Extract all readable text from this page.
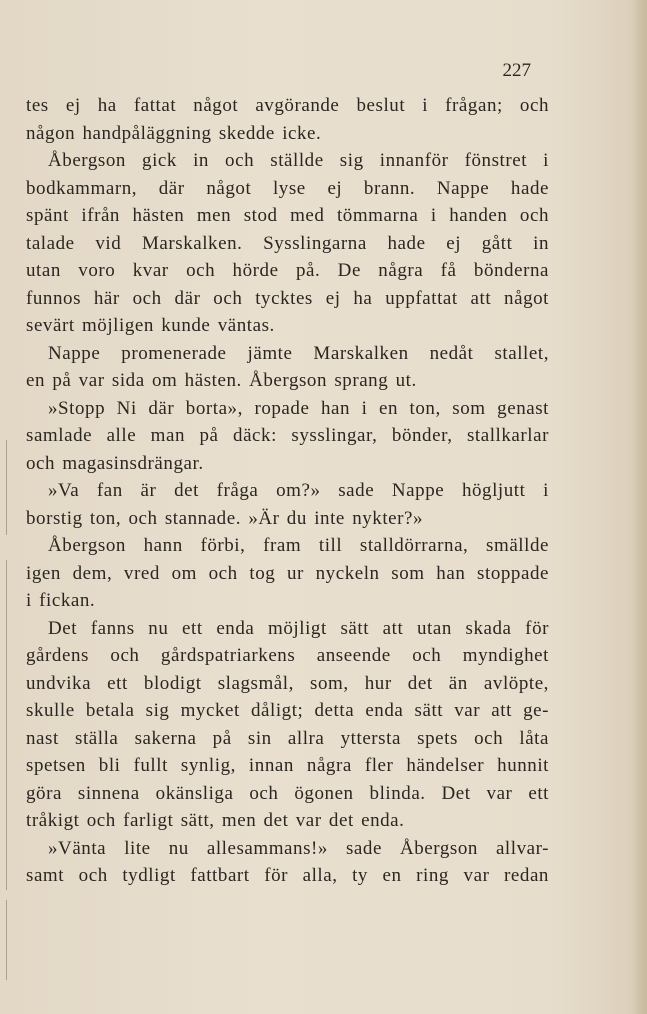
227
tes ej ha fattat något avgörande beslut i frågan; och
någon handpåläggning skedde icke.
Åbergson gick in och ställde sig innanför fönstret i
bodkammarn, där något lyse ej brann. Nappe hade
spänt ifrån hästen men stod med tömmarna i handen och
talade vid Marskalken. Sysslingarna hade ej gått in
utan voro kvar och hörde på. De några få bönderna
funnos här och där och tycktes ej ha uppfattat att något
sevärt möjligen kunde väntas.
Nappe promenerade jämte Marskalken nedåt stallet,
en på var sida om hästen. Åbergson sprang ut.
»Stopp Ni där borta», ropade han i en ton, som genast
samlade alle man på däck: sysslingar, bönder, stallkarlar
och magasinsdrängar.
»Va fan är det fråga om?» sade Nappe högljutt i
borstig ton, och stannade. »Är du inte nykter?»
Åbergson hann förbi, fram till stalldörrarna, smällde
igen dem, vred om och tog ur nyckeln som han stoppade
i fickan.
Det fanns nu ett enda möjligt sätt att utan skada för
gårdens och gårdspatriarkens anseende och myndighet
undvika ett blodigt slagsmål, som, hur det än avlöpte,
skulle betala sig mycket dåligt; detta enda sätt var att ge-
nast ställa sakerna på sin allra yttersta spets och låta
spetsen bli fullt synlig, innan några fler händelser hunnit
göra sinnena okänsliga och ögonen blinda. Det var ett
tråkigt och farligt sätt, men det var det enda.
»Vänta lite nu allesammans!» sade Åbergson allvar-
samt och tydligt fattbart för alla, ty en ring var redan
